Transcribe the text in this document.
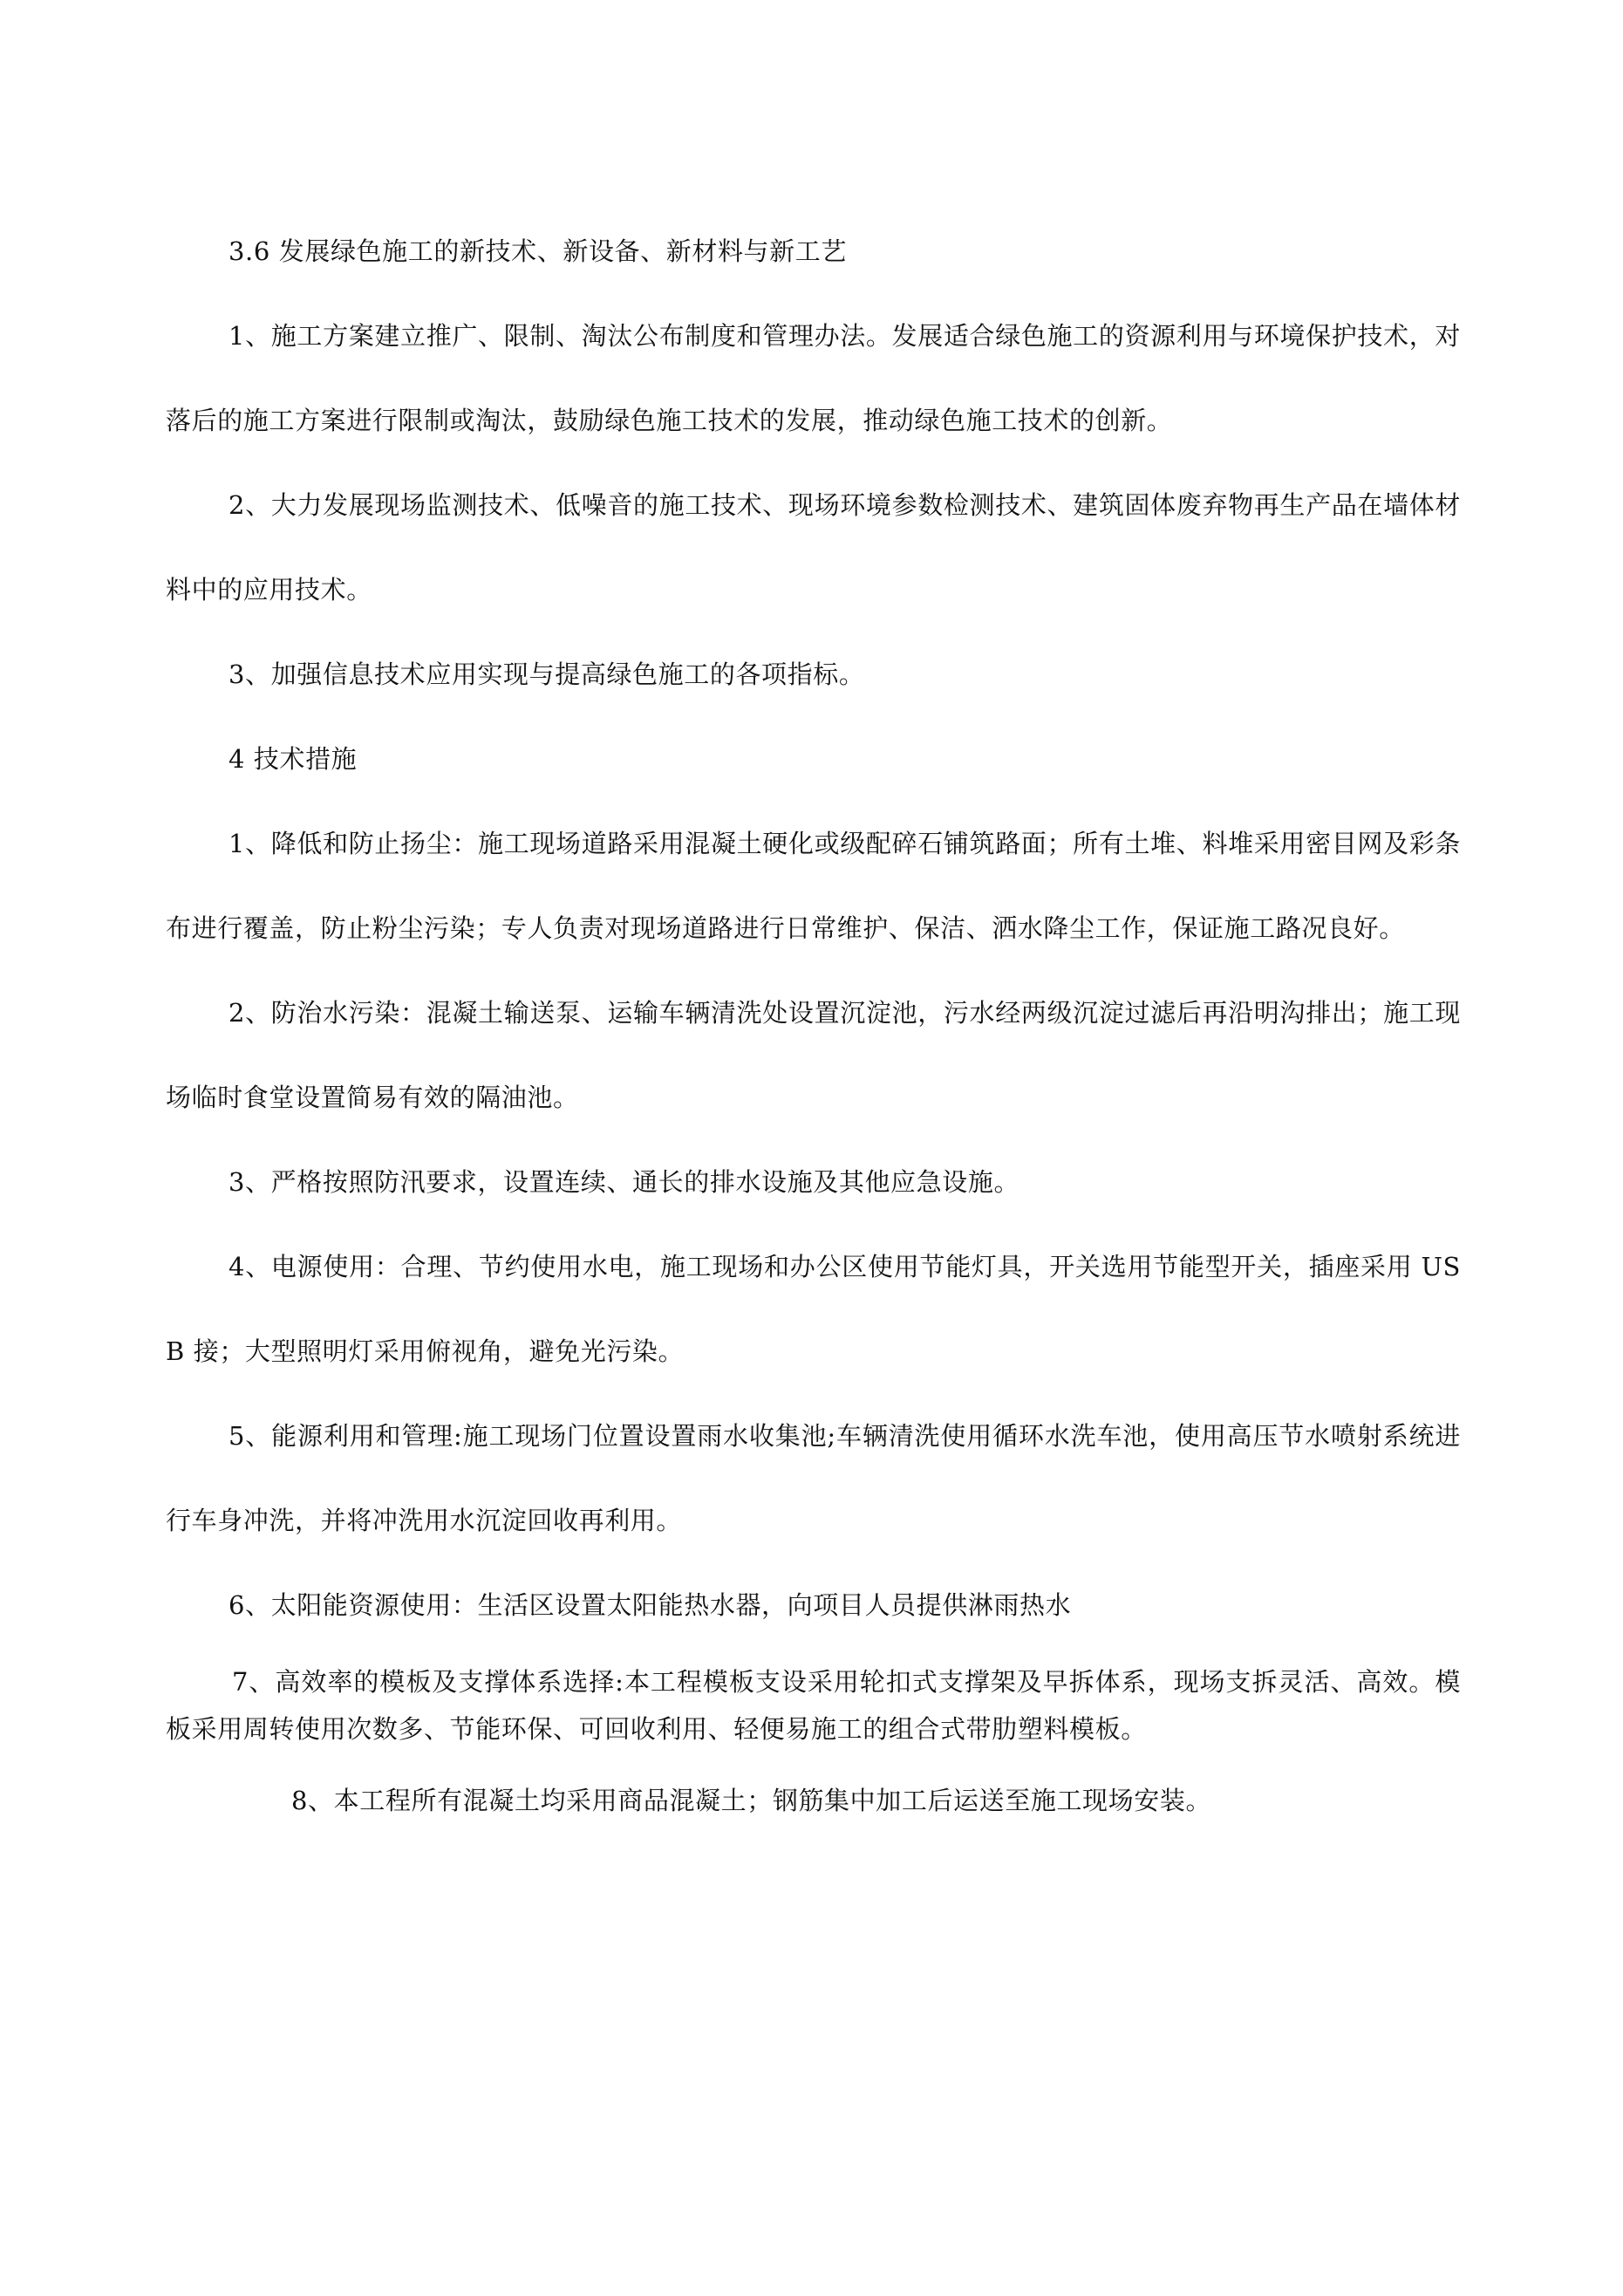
3.6 发展绿色施工的新技术、新设备、新材料与新工艺

1、施工方案建立推广、限制、淘汰公布制度和管理办法。发展适合绿色施工的资源利用与环境保护技术，对落后的施工方案进行限制或淘汰，鼓励绿色施工技术的发展，推动绿色施工技术的创新。

2、大力发展现场监测技术、低噪音的施工技术、现场环境参数检测技术、建筑固体废弃物再生产品在墙体材料中的应用技术。

3、加强信息技术应用实现与提高绿色施工的各项指标。

4 技术措施

1、降低和防止扬尘：施工现场道路采用混凝土硬化或级配碎石铺筑路面；所有土堆、料堆采用密目网及彩条布进行覆盖，防止粉尘污染；专人负责对现场道路进行日常维护、保洁、洒水降尘工作，保证施工路况良好。

2、防治水污染：混凝土输送泵、运输车辆清洗处设置沉淀池，污水经两级沉淀过滤后再沿明沟排出；施工现场临时食堂设置简易有效的隔油池。

3、严格按照防汛要求，设置连续、通长的排水设施及其他应急设施。

4、电源使用：合理、节约使用水电，施工现场和办公区使用节能灯具，开关选用节能型开关，插座采用 USB 接；大型照明灯采用俯视角，避免光污染。

5、能源利用和管理:施工现场门位置设置雨水收集池;车辆清洗使用循环水洗车池，使用高压节水喷射系统进行车身冲洗，并将冲洗用水沉淀回收再利用。

6、太阳能资源使用：生活区设置太阳能热水器，向项目人员提供淋雨热水

7、高效率的模板及支撑体系选择:本工程模板支设采用轮扣式支撑架及早拆体系，现场支拆灵活、高效。模板采用周转使用次数多、节能环保、可回收利用、轻便易施工的组合式带肋塑料模板。

8、本工程所有混凝土均采用商品混凝土；钢筋集中加工后运送至施工现场安装。
